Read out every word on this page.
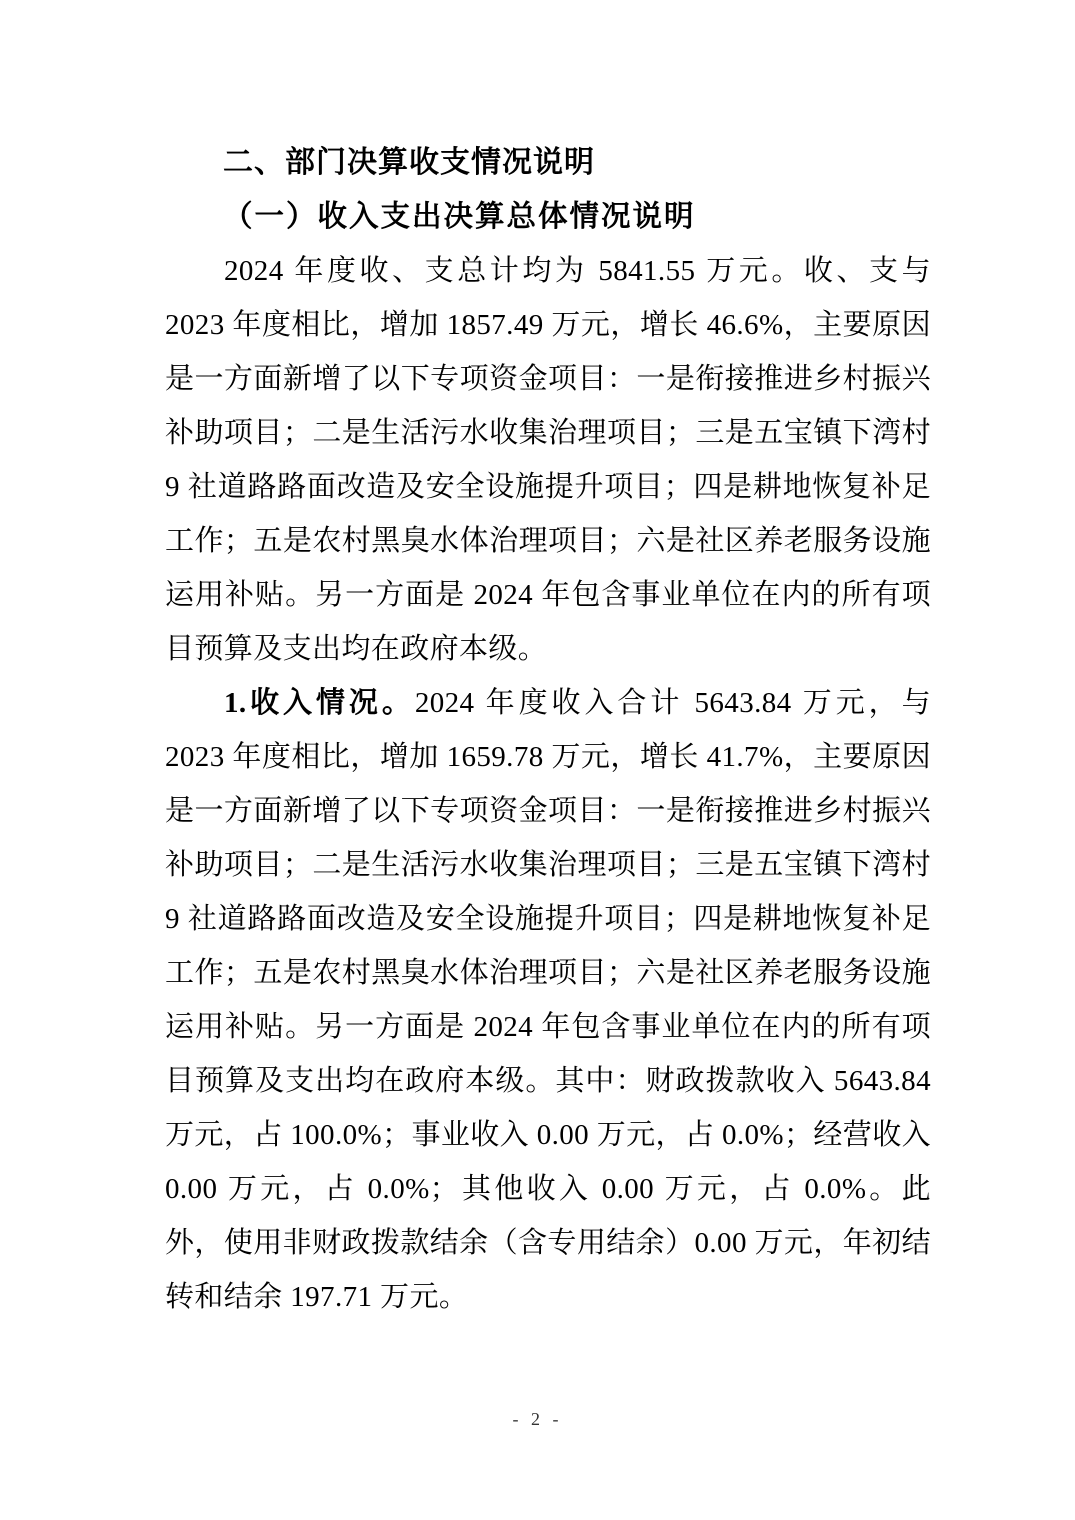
二、部门决算收支情况说明
（一）收入支出决算总体情况说明

2024 年度收、支总计均为 5841.55 万元。收、支与 2023 年度相比，增加 1857.49 万元，增长 46.6%，主要原因是一方面新增了以下专项资金项目：一是衔接推进乡村振兴补助项目；二是生活污水收集治理项目；三是五宝镇下湾村 9 社道路路面改造及安全设施提升项目；四是耕地恢复补足工作；五是农村黑臭水体治理项目；六是社区养老服务设施运用补贴。另一方面是 2024 年包含事业单位在内的所有项目预算及支出均在政府本级。

1.收入情况。2024 年度收入合计 5643.84 万元，与 2023 年度相比，增加 1659.78 万元，增长 41.7%，主要原因是一方面新增了以下专项资金项目：一是衔接推进乡村振兴补助项目；二是生活污水收集治理项目；三是五宝镇下湾村 9 社道路路面改造及安全设施提升项目；四是耕地恢复补足工作；五是农村黑臭水体治理项目；六是社区养老服务设施运用补贴。另一方面是 2024 年包含事业单位在内的所有项目预算及支出均在政府本级。其中：财政拨款收入 5643.84 万元，占 100.0%；事业收入 0.00 万元，占 0.0%；经营收入 0.00 万元，占 0.0%；其他收入 0.00 万元，占 0.0%。此外，使用非财政拨款结余（含专用结余）0.00 万元，年初结转和结余 197.71 万元。

- 2 -
